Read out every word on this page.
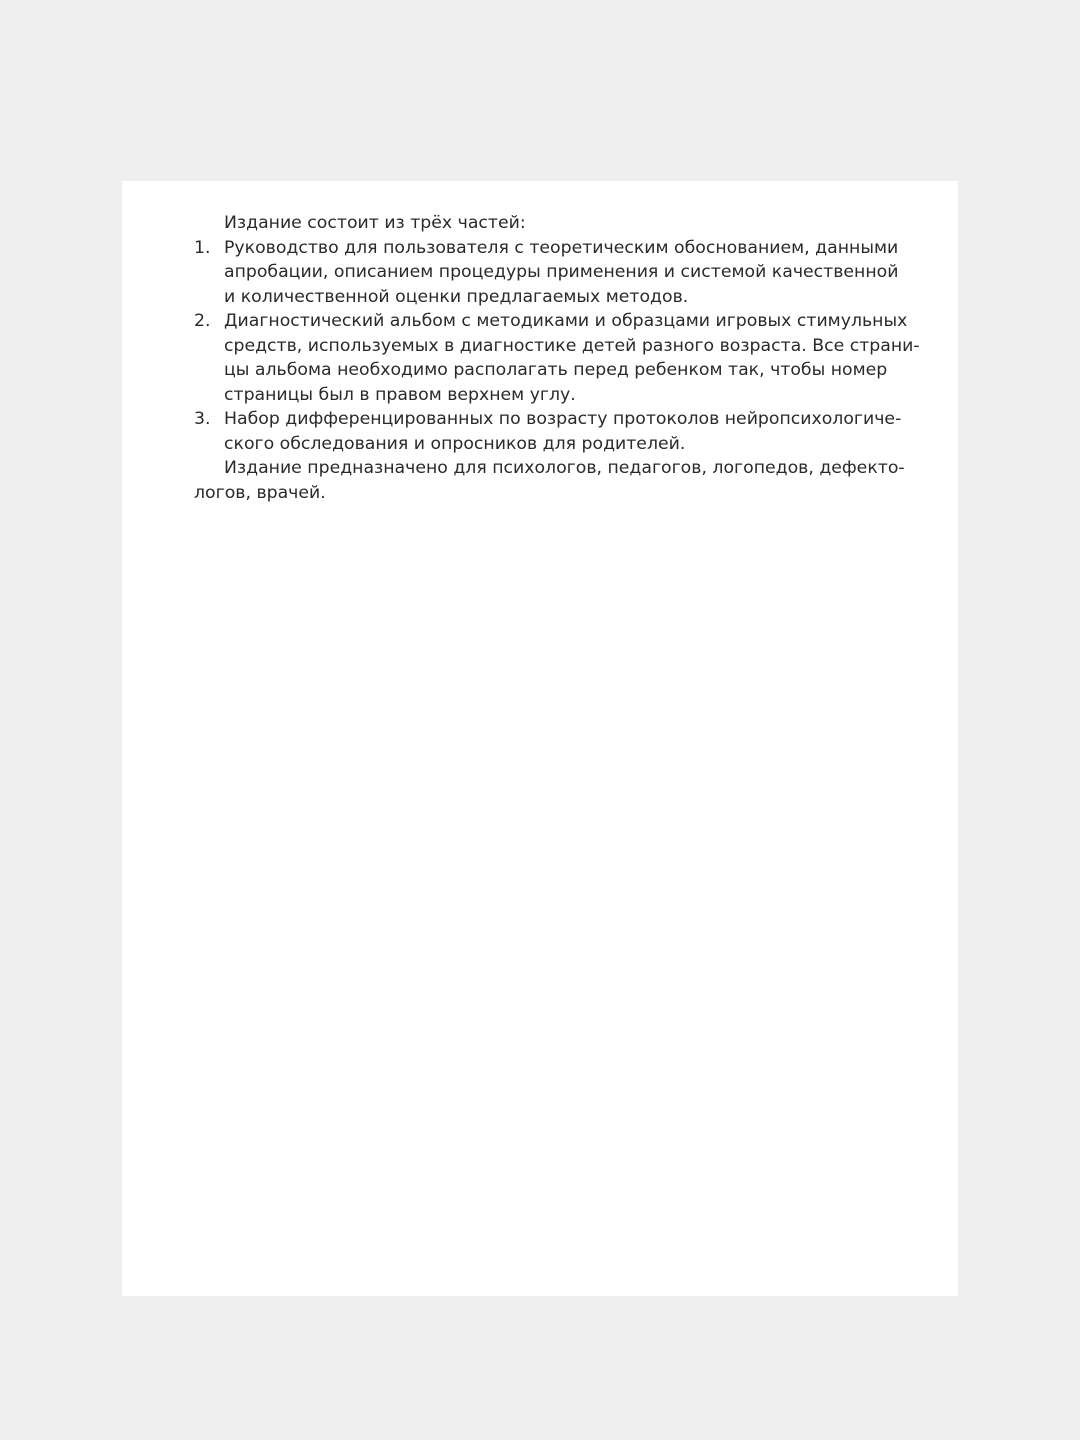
Издание состоит из трёх частей:

1. Руководство для пользователя с теоретическим обоснованием, данными
апробации, описанием процедуры применения и системой качественной
и количественной оценки предлагаемых методов.
2. Диагностический альбом с методиками и образцами игровых стимульных
средств, используемых в диагностике детей разного возраста. Все страни-
цы альбома необходимо располагать перед ребенком так, чтобы номер
страницы был в правом верхнем углу.
3. Набор дифференцированных по возрасту протоколов нейропсихологиче-
ского обследования и опросников для родителей.
Издание предназначено для психологов, педагогов, логопедов, дефекто-
логов, врачей.
